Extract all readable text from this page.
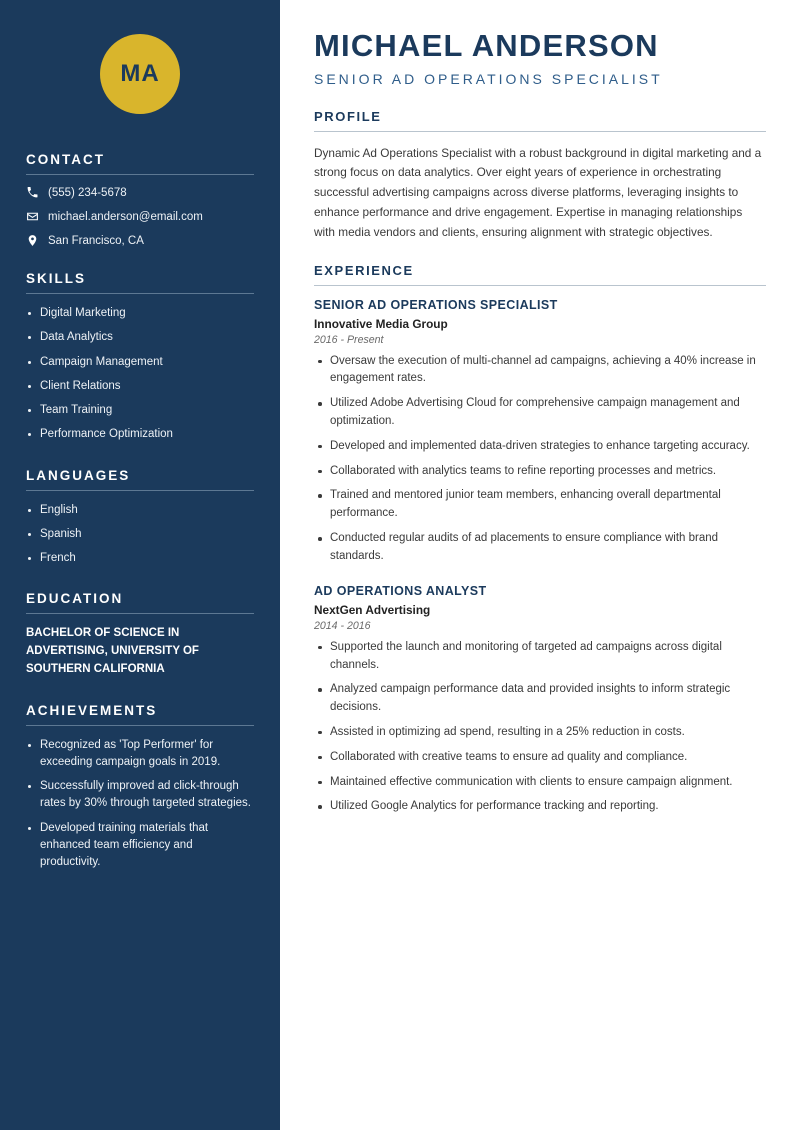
MA
CONTACT
(555) 234-5678
michael.anderson@email.com
San Francisco, CA
SKILLS
Digital Marketing
Data Analytics
Campaign Management
Client Relations
Team Training
Performance Optimization
LANGUAGES
English
Spanish
French
EDUCATION
BACHELOR OF SCIENCE IN ADVERTISING, UNIVERSITY OF SOUTHERN CALIFORNIA
ACHIEVEMENTS
Recognized as 'Top Performer' for exceeding campaign goals in 2019.
Successfully improved ad click-through rates by 30% through targeted strategies.
Developed training materials that enhanced team efficiency and productivity.
MICHAEL ANDERSON
SENIOR AD OPERATIONS SPECIALIST
PROFILE

Dynamic Ad Operations Specialist with a robust background in digital marketing and a strong focus on data analytics. Over eight years of experience in orchestrating successful advertising campaigns across diverse platforms, leveraging insights to enhance performance and drive engagement. Expertise in managing relationships with media vendors and clients, ensuring alignment with strategic objectives.

EXPERIENCE
SENIOR AD OPERATIONS SPECIALIST
Innovative Media Group
2016 - Present
Oversaw the execution of multi-channel ad campaigns, achieving a 40% increase in engagement rates.
Utilized Adobe Advertising Cloud for comprehensive campaign management and optimization.
Developed and implemented data-driven strategies to enhance targeting accuracy.
Collaborated with analytics teams to refine reporting processes and metrics.
Trained and mentored junior team members, enhancing overall departmental performance.
Conducted regular audits of ad placements to ensure compliance with brand standards.
AD OPERATIONS ANALYST
NextGen Advertising
2014 - 2016
Supported the launch and monitoring of targeted ad campaigns across digital channels.
Analyzed campaign performance data and provided insights to inform strategic decisions.
Assisted in optimizing ad spend, resulting in a 25% reduction in costs.
Collaborated with creative teams to ensure ad quality and compliance.
Maintained effective communication with clients to ensure campaign alignment.
Utilized Google Analytics for performance tracking and reporting.
